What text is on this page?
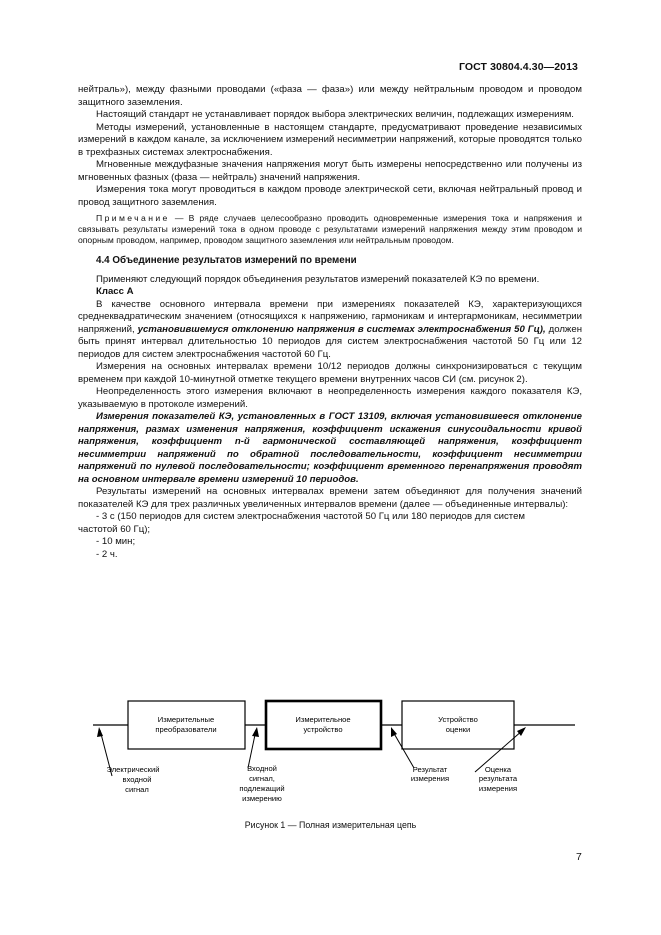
ГОСТ 30804.4.30—2013

нейтраль»), между фазными проводами («фаза — фаза») или между нейтральным проводом и проводом защитного заземления.

Настоящий стандарт не устанавливает порядок выбора электрических величин, подлежащих измерениям.

Методы измерений, установленные в настоящем стандарте, предусматривают проведение независимых измерений в каждом канале, за исключением измерений несимметрии напряжений, которые проводятся только в трехфазных системах электроснабжения.

Мгновенные междуфазные значения напряжения могут быть измерены непосредственно или получены из мгновенных фазных (фаза — нейтраль) значений напряжения.

Измерения тока могут проводиться в каждом проводе электрической сети, включая нейтральный провод и провод защитного заземления.

Примечание — В ряде случаев целесообразно проводить одновременные измерения тока и напряжения и связывать результаты измерений тока в одном проводе с результатами измерений напряжения между этим проводом и опорным проводом, например, проводом защитного заземления или нейтральным проводом.

4.4 Объединение результатов измерений по времени

Применяют следующий порядок объединения результатов измерений показателей КЭ по времени.

Класс А

В качестве основного интервала времени при измерениях показателей КЭ, характеризующихся среднеквадратическим значением (относящихся к напряжению, гармоникам и интергармоникам, несимметрии напряжений, установившемуся отклонению напряжения в системах электроснабжения 50 Гц), должен быть принят интервал длительностью 10 периодов для систем электроснабжения частотой 50 Гц или 12 периодов для систем электроснабжения частотой 60 Гц.

Измерения на основных интервалах времени 10/12 периодов должны синхронизироваться с текущим временем при каждой 10-минутной отметке текущего времени внутренних часов СИ (см. рисунок 2).

Неопределенность этого измерения включают в неопределенность измерения каждого показателя КЭ, указываемую в протоколе измерений.

Измерения показателей КЭ, установленных в ГОСТ 13109, включая установившееся отклонение напряжения, размах изменения напряжения, коэффициент искажения синусоидальности кривой напряжения, коэффициент n-й гармонической составляющей напряжения, коэффициент несимметрии напряжений по обратной последовательности, коэффициент несимметрии напряжений по нулевой последовательности; коэффициент временного перенапряжения проводят на основном интервале времени измерений 10 периодов.

Результаты измерений на основных интервалах времени затем объединяют для получения значений показателей КЭ для трех различных увеличенных интервалов времени (далее — объединенные интервалы):

- 3 с (150 периодов для систем электроснабжения частотой 50 Гц или 180 периодов для систем

частотой 60 Гц);

- 10 мин;

- 2 ч.

Измерительные
преобразователи
Измерительное
устройство
Устройство
оценки
Электрический
входной
сигнал
Входной
сигнал,
подлежащий
измерению
Результат
измерения
Оценка
результата
измерения
Рисунок 1 — Полная измерительная цепь
7
